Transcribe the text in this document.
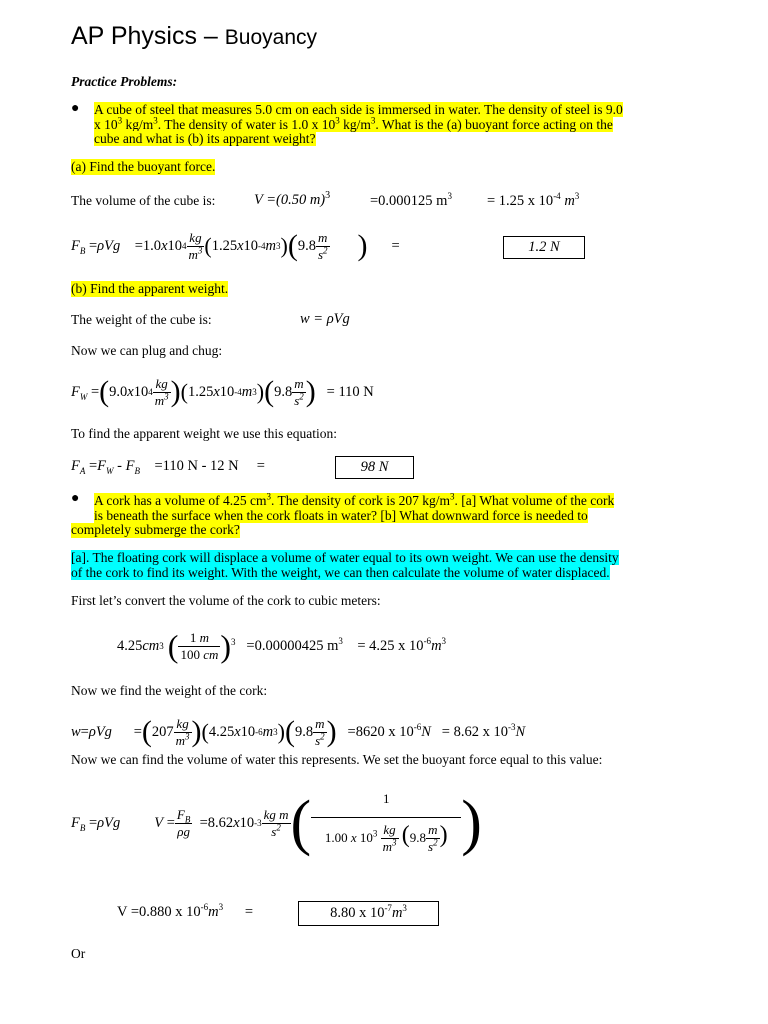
AP Physics – Buoyancy
Practice Problems:
● A cube of steel that measures 5.0 cm on each side is immersed in water. The density of steel is 9.0
x $10^3$ $kg/m^3$. The density of water is 1.0 x $10^3$ $kg/m^3$. What is the (a) buoyant force acting on the
cube and what is (b) its apparent weight?
(a) Find the buoyant force.
The volume of the cube is:	V =(0.50 m)$^3$	=0.000125 $m^3 = 1.25$ x $10^{-4}$ $m^3$
$F_B = \rho Vg =1.0$ x 10 $4 \frac{kg}{m^3}$ ( 1.25 x 10 -4 m 3 ) ( $9.8 \frac{m}{s^2}$ ) =	1.2 N
(b) Find the apparent weight.
The weight of the cube is:	w = ρVg
Now we can plug and chug:
$F_W$ = ( 9.0 x 10 $4 \frac{kg}{m^3}$ ) ( 1.25 x 10 -4 m 3 ) ( $9.8 \frac{m}{s^2}$ )
= 110 N
To find the apparent weight we use this equation:
$F_A =F_W - F_B =110$ N - 12 N     =	98 N
● A cork has a volume of 4.25 $cm^3$. The density of cork is 207 $kg/m^3$. [a] What volume of the cork
is beneath the surface when the cork floats in water? [b] What downward force is needed to

completely submerge the cork?
[a]. The floating cork will displace a volume of water equal to its own weight. We can use the density
of the cork to find its weight. With the weight, we can then calculate the volume of water displaced.
First let’s convert the volume of the cork to cubic meters:
4.25 cm 3 ( $\frac{1 m}{100 cm} )^3$
=0.00000425 $m^3$
= 4.25 x $10^{-6}m^3$
Now we find the weight of the cork:
w = ρVg = ( $207 \frac{kg}{m^3}$ ) ( 4.25 x 10 -6 m 3 ) ( $9.8 \frac{m}{s^2}$ )
=8620 x $10^{-6}N$
= 8.62 x $10^{-3}N$
Now we can find the volume of water this represents. We set the buoyant force equal to this value:
$F_B = \rho Vg$ $V = \frac{F_B}{\rho g} =8.62$ x 10 $-3 \frac{\text{kg m}}{s^2}$ ( $\frac{1}{1.00 x 10^3 \frac{kg}{m^3} (9.8 \frac{m}{s^2} )}$ )
V =0.880 x $10^{-6}m^3$      =	8.80 x $10^{-7}m^3$
Or
